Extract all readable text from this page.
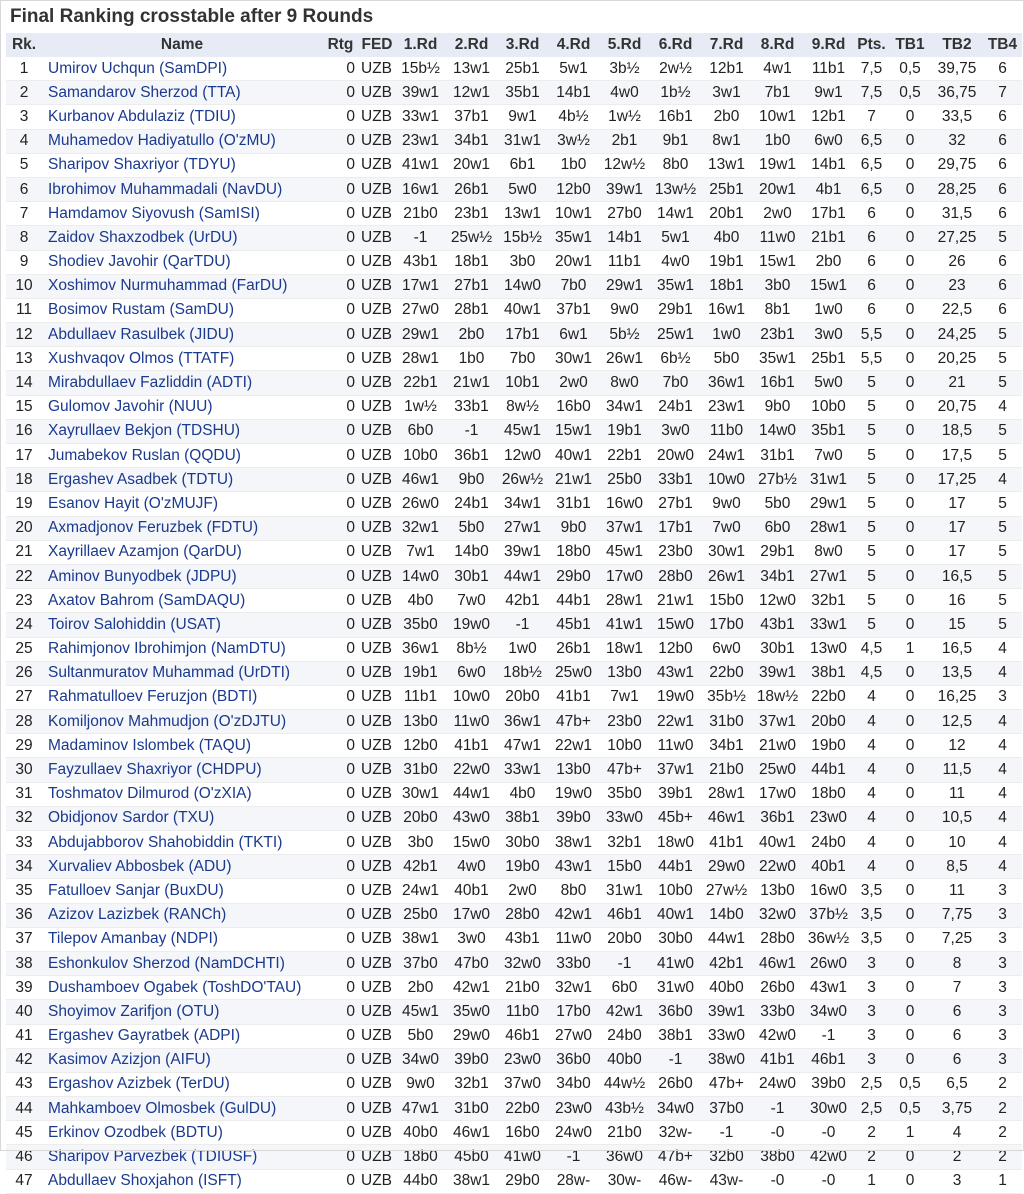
Final Ranking crosstable after 9 Rounds
Rk.	Name	Rtg	FED	1.Rd	2.Rd	3.Rd	4.Rd	5.Rd	6.Rd	7.Rd	8.Rd	9.Rd	Pts.	TB1	TB2	TB4
1	Umirov Uchqun (SamDPI)	0	UZB	15b½	13w1	25b1	5w1	3b½	2w½	12b1	4w1	11b1	7,5	0,5	39,75	6
2	Samandarov Sherzod (TTA)	0	UZB	39w1	12w1	35b1	14b1	4w0	1b½	3w1	7b1	9w1	7,5	0,5	36,75	7
3	Kurbanov Abdulaziz (TDIU)	0	UZB	33w1	37b1	9w1	4b½	1w½	16b1	2b0	10w1	12b1	7	0	33,5	6
4	Muhamedov Hadiyatullo (O'zMU)	0	UZB	23w1	34b1	31w1	3w½	2b1	9b1	8w1	1b0	6w0	6,5	0	32	6
5	Sharipov Shaxriyor (TDYU)	0	UZB	41w1	20w1	6b1	1b0	12w½	8b0	13w1	19w1	14b1	6,5	0	29,75	6
6	Ibrohimov Muhammadali (NavDU)	0	UZB	16w1	26b1	5w0	12b0	39w1	13w½	25b1	20w1	4b1	6,5	0	28,25	6
7	Hamdamov Siyovush (SamISI)	0	UZB	21b0	23b1	13w1	10w1	27b0	14w1	20b1	2w0	17b1	6	0	31,5	6
8	Zaidov Shaxzodbek (UrDU)	0	UZB	-1	25w½	15b½	35w1	14b1	5w1	4b0	11w0	21b1	6	0	27,25	5
9	Shodiev Javohir (QarTDU)	0	UZB	43b1	18b1	3b0	20w1	11b1	4w0	19b1	15w1	2b0	6	0	26	6
10	Xoshimov Nurmuhammad (FarDU)	0	UZB	17w1	27b1	14w0	7b0	29w1	35w1	18b1	3b0	15w1	6	0	23	6
11	Bosimov Rustam (SamDU)	0	UZB	27w0	28b1	40w1	37b1	9w0	29b1	16w1	8b1	1w0	6	0	22,5	6
12	Abdullaev Rasulbek (JIDU)	0	UZB	29w1	2b0	17b1	6w1	5b½	25w1	1w0	23b1	3w0	5,5	0	24,25	5
13	Xushvaqov Olmos (TTATF)	0	UZB	28w1	1b0	7b0	30w1	26w1	6b½	5b0	35w1	25b1	5,5	0	20,25	5
14	Mirabdullaev Fazliddin (ADTI)	0	UZB	22b1	21w1	10b1	2w0	8w0	7b0	36w1	16b1	5w0	5	0	21	5
15	Gulomov Javohir (NUU)	0	UZB	1w½	33b1	8w½	16b0	34w1	24b1	23w1	9b0	10b0	5	0	20,75	4
16	Xayrullaev Bekjon (TDSHU)	0	UZB	6b0	-1	45w1	15w1	19b1	3w0	11b0	14w0	35b1	5	0	18,5	5
17	Jumabekov Ruslan (QQDU)	0	UZB	10b0	36b1	12w0	40w1	22b1	20w0	24w1	31b1	7w0	5	0	17,5	5
18	Ergashev Asadbek (TDTU)	0	UZB	46w1	9b0	26w½	21w1	25b0	33b1	10w0	27b½	31w1	5	0	17,25	4
19	Esanov Hayit (O'zMUJF)	0	UZB	26w0	24b1	34w1	31b1	16w0	27b1	9w0	5b0	29w1	5	0	17	5
20	Axmadjonov Feruzbek (FDTU)	0	UZB	32w1	5b0	27w1	9b0	37w1	17b1	7w0	6b0	28w1	5	0	17	5
21	Xayrillaev Azamjon (QarDU)	0	UZB	7w1	14b0	39w1	18b0	45w1	23b0	30w1	29b1	8w0	5	0	17	5
22	Aminov Bunyodbek (JDPU)	0	UZB	14w0	30b1	44w1	29b0	17w0	28b0	26w1	34b1	27w1	5	0	16,5	5
23	Axatov Bahrom (SamDAQU)	0	UZB	4b0	7w0	42b1	44b1	28w1	21w1	15b0	12w0	32b1	5	0	16	5
24	Toirov Salohiddin (USAT)	0	UZB	35b0	19w0	-1	45b1	41w1	15w0	17b0	43b1	33w1	5	0	15	5
25	Rahimjonov Ibrohimjon (NamDTU)	0	UZB	36w1	8b½	1w0	26b1	18w1	12b0	6w0	30b1	13w0	4,5	1	16,5	4
26	Sultanmuratov Muhammad (UrDTI)	0	UZB	19b1	6w0	18b½	25w0	13b0	43w1	22b0	39w1	38b1	4,5	0	13,5	4
27	Rahmatulloev Feruzjon (BDTI)	0	UZB	11b1	10w0	20b0	41b1	7w1	19w0	35b½	18w½	22b0	4	0	16,25	3
28	Komiljonov Mahmudjon (O'zDJTU)	0	UZB	13b0	11w0	36w1	47b+	23b0	22w1	31b0	37w1	20b0	4	0	12,5	4
29	Madaminov Islombek (TAQU)	0	UZB	12b0	41b1	47w1	22w1	10b0	11w0	34b1	21w0	19b0	4	0	12	4
30	Fayzullaev Shaxriyor (CHDPU)	0	UZB	31b0	22w0	33w1	13b0	47b+	37w1	21b0	25w0	44b1	4	0	11,5	4
31	Toshmatov Dilmurod (O'zXIA)	0	UZB	30w1	44w1	4b0	19w0	35b0	39b1	28w1	17w0	18b0	4	0	11	4
32	Obidjonov Sardor (TXU)	0	UZB	20b0	43w0	38b1	39b0	33w0	45b+	46w1	36b1	23w0	4	0	10,5	4
33	Abdujabborov Shahobiddin (TKTI)	0	UZB	3b0	15w0	30b0	38w1	32b1	18w0	41b1	40w1	24b0	4	0	10	4
34	Xurvaliev Abbosbek (ADU)	0	UZB	42b1	4w0	19b0	43w1	15b0	44b1	29w0	22w0	40b1	4	0	8,5	4
35	Fatulloev Sanjar (BuxDU)	0	UZB	24w1	40b1	2w0	8b0	31w1	10b0	27w½	13b0	16w0	3,5	0	11	3
36	Azizov Lazizbek (RANCh)	0	UZB	25b0	17w0	28b0	42w1	46b1	40w1	14b0	32w0	37b½	3,5	0	7,75	3
37	Tilepov Amanbay (NDPI)	0	UZB	38w1	3w0	43b1	11w0	20b0	30b0	44w1	28b0	36w½	3,5	0	7,25	3
38	Eshonkulov Sherzod (NamDCHTI)	0	UZB	37b0	47b0	32w0	33b0	-1	41w0	42b1	46w1	26w0	3	0	8	3
39	Dushamboev Ogabek (ToshDO'TAU)	0	UZB	2b0	42w1	21b0	32w1	6b0	31w0	40b0	26b0	43w1	3	0	7	3
40	Shoyimov Zarifjon (OTU)	0	UZB	45w1	35w0	11b0	17b0	42w1	36b0	39w1	33b0	34w0	3	0	6	3
41	Ergashev Gayratbek (ADPI)	0	UZB	5b0	29w0	46b1	27w0	24b0	38b1	33w0	42w0	-1	3	0	6	3
42	Kasimov Azizjon (AIFU)	0	UZB	34w0	39b0	23w0	36b0	40b0	-1	38w0	41b1	46b1	3	0	6	3
43	Ergashov Azizbek (TerDU)	0	UZB	9w0	32b1	37w0	34b0	44w½	26b0	47b+	24w0	39b0	2,5	0,5	6,5	2
44	Mahkamboev Olmosbek (GulDU)	0	UZB	47w1	31b0	22b0	23w0	43b½	34w0	37b0	-1	30w0	2,5	0,5	3,75	2
45	Erkinov Ozodbek (BDTU)	0	UZB	40b0	46w1	16b0	24w0	21b0	32w-	-1	-0	-0	2	1	4	2
46	Sharipov Parvezbek (TDIUSF)	0	UZB	18b0	45b0	41w0	-1	36w0	47b+	32b0	38b0	42w0	2	0	2	2
47	Abdullaev Shoxjahon (ISFT)	0	UZB	44b0	38w1	29b0	28w-	30w-	46w-	43w-	-0	-0	1	0	3	1
